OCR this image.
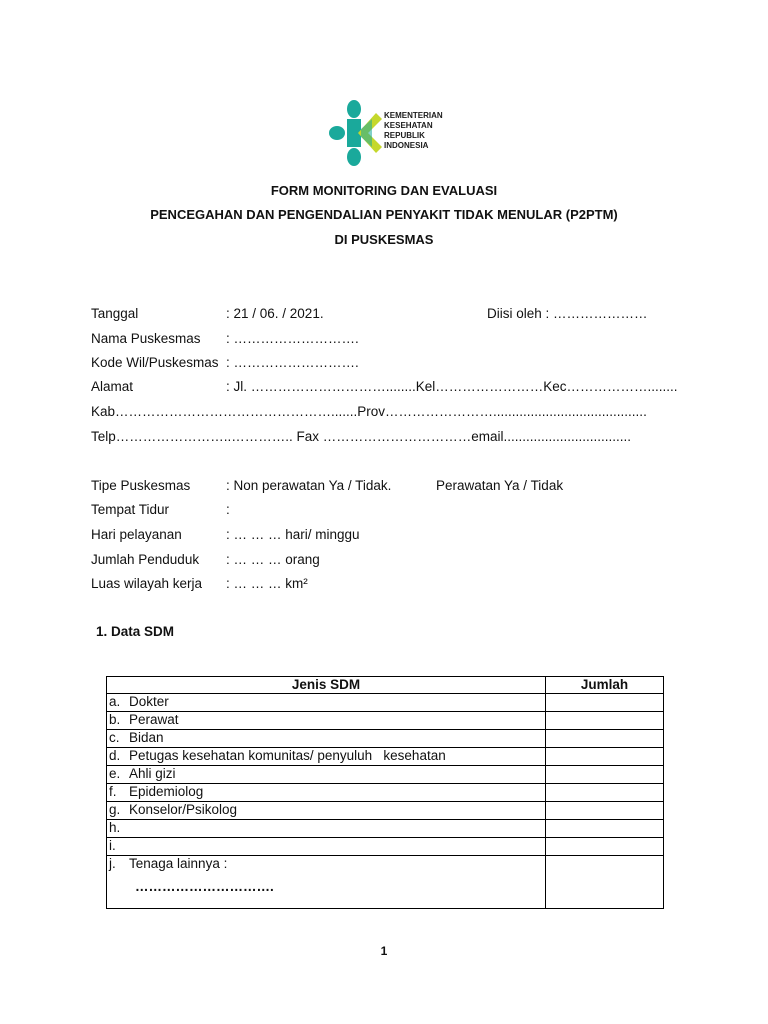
KEMENTERIAN
KESEHATAN
REPUBLIK
INDONESIA
FORM MONITORING DAN EVALUASI
PENCEGAHAN DAN PENGENDALIAN PENYAKIT TIDAK MENULAR (P2PTM)
DI PUSKESMAS
Tanggal	: 21 / 06. / 2021.	Diisi oleh : …………………
Nama Puskesmas : ……………………….
Kode Wil/Puskesmas : ……………………….
Alamat	: Jl. …………………………........Kel……………………Kec………………........
Kab………………………………………….......Prov…………………….........................................
Telp……………………..………….. Fax ……………………………email..................................
Tipe Puskesmas	: Non perawatan Ya / Tidak.	Perawatan Ya / Tidak
Tempat Tidur	:
Hari pelayanan	: … … … hari/ minggu
Jumlah Penduduk : … … … orang
Luas wilayah kerja : … … … km²
1. Data SDM
Jenis SDM	Jumlah
a. Dokter	
b. Perawat	
c. Bidan	
d. Petugas kesehatan komunitas/ penyuluh   kesehatan	
e. Ahli gizi	
f. Epidemiolog	
g. Konselor/Psikolog	
h.	
i.	
j. Tenaga lainnya :
………………………….	

1
